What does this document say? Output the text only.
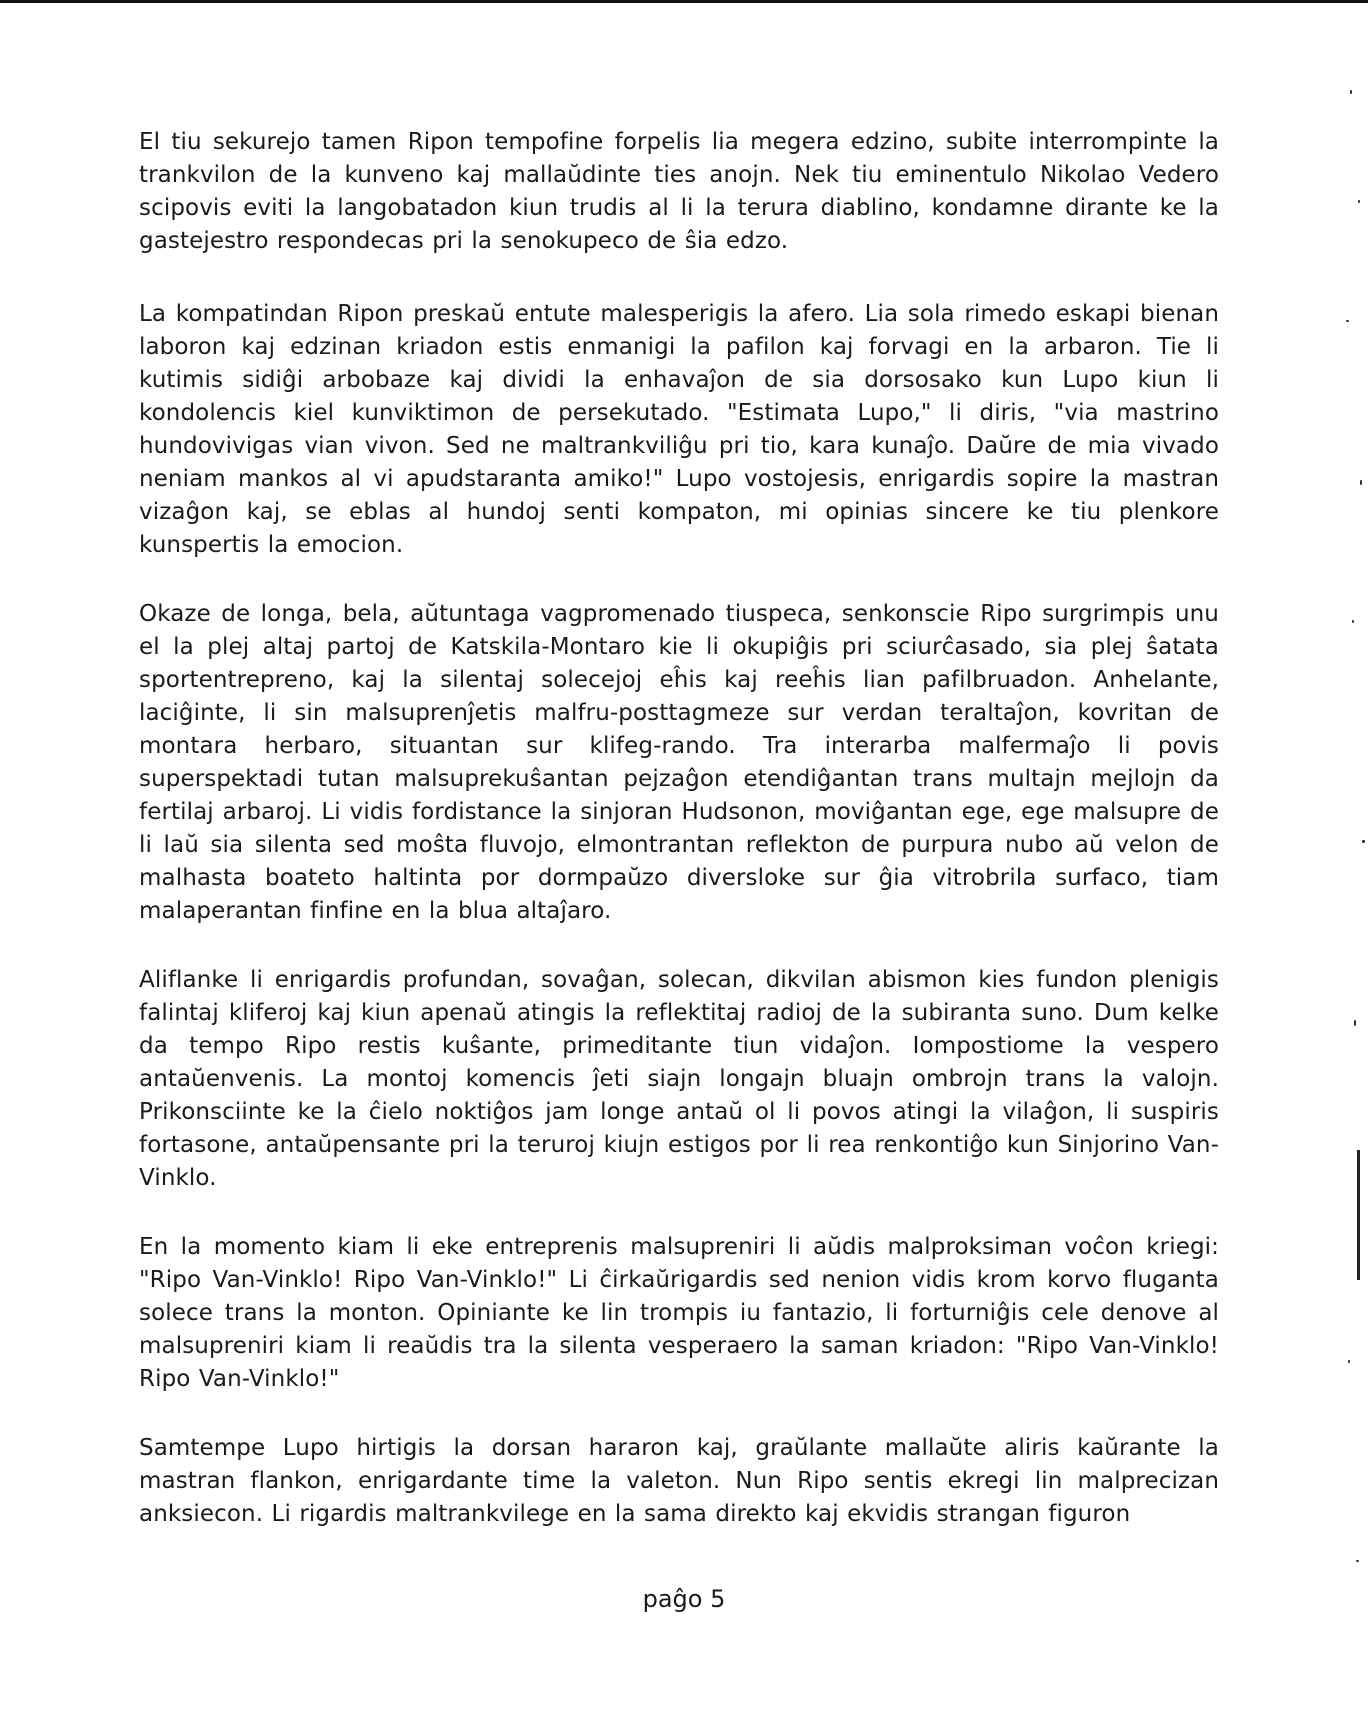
El tiu sekurejo tamen Ripon tempofine forpelis lia megera edzino, subite interrompinte la trankvilon de la kunveno kaj mallaŭdinte ties anojn. Nek tiu eminentulo Nikolao Vedero scipovis eviti la langobatadon kiun trudis al li la terura diablino, kondamne dirante ke la gastejestro respondecas pri la senokupeco de ŝia edzo.

La kompatindan Ripon preskaŭ entute malesperigis la afero. Lia sola rimedo eskapi bienan laboron kaj edzinan kriadon estis enmanigi la pafilon kaj forvagi en la arbaron. Tie li kutimis sidiĝi arbobaze kaj dividi la enhavaĵon de sia dorsosako kun Lupo kiun li kondolencis kiel kunviktimon de persekutado. "Estimata Lupo," li diris, "via mastrino hundovivigas vian vivon. Sed ne maltrankviliĝu pri tio, kara kunaĵo. Daŭre de mia vivado neniam mankos al vi apudstaranta amiko!" Lupo vostojesis, enrigardis sopire la mastran vizaĝon kaj, se eblas al hundoj senti kompaton, mi opinias sincere ke tiu plenkore kunspertis la emocion.

Okaze de longa, bela, aŭtuntaga vagpromenado tiuspeca, senkonscie Ripo surgrimpis unu el la plej altaj partoj de Katskila-Montaro kie li okupiĝis pri sciurĉasado, sia plej ŝatata sportentrepreno, kaj la silentaj solecejoj eĥis kaj reeĥis lian pafilbruadon. Anhelante, laciĝinte, li sin malsuprenĵetis malfru-posttagmeze sur verdan teraltaĵon, kovritan de montara herbaro, situantan sur klifeg-rando. Tra interarba malfermaĵo li povis superspektadi tutan malsuprekuŝantan pejzaĝon etendiĝantan trans multajn mejlojn da fertilaj arbaroj. Li vidis fordistance la sinjoran Hudsonon, moviĝantan ege, ege malsupre de li laŭ sia silenta sed moŝta fluvojo, elmontrantan reflekton de purpura nubo aŭ velon de malhasta boateto haltinta por dormpaŭzo diversloke sur ĝia vitrobrila surfaco, tiam malaperantan finfine en la blua altaĵaro.

Aliflanke li enrigardis profundan, sovaĝan, solecan, dikvilan abismon kies fundon plenigis falintaj kliferoj kaj kiun apenaŭ atingis la reflektitaj radioj de la subiranta suno. Dum kelke da tempo Ripo restis kuŝante, primeditante tiun vidaĵon. Iompostiome la vespero antaŭenvenis. La montoj komencis ĵeti siajn longajn bluajn ombrojn trans la valojn. Prikonsciinte ke la ĉielo noktiĝos jam longe antaŭ ol li povos atingi la vilaĝon, li suspiris fortasone, antaŭpensante pri la teruroj kiujn estigos por li rea renkontiĝo kun Sinjorino Van-Vinklo.

En la momento kiam li eke entreprenis malsupreniri li aŭdis malproksiman voĉon kriegi: "Ripo Van-Vinklo! Ripo Van-Vinklo!" Li ĉirkaŭrigardis sed nenion vidis krom korvo fluganta solece trans la monton. Opiniante ke lin trompis iu fantazio, li forturniĝis cele denove al malsupreniri kiam li reaŭdis tra la silenta vesperaero la saman kriadon: "Ripo Van-Vinklo! Ripo Van-Vinklo!"

Samtempe Lupo hirtigis la dorsan hararon kaj, graŭlante mallaŭte aliris kaŭrante la mastran flankon, enrigardante time la valeton. Nun Ripo sentis ekregi lin malprecizan anksiecon. Li rigardis maltrankvilege en la sama direkto kaj ekvidis strangan figuron

paĝo 5
